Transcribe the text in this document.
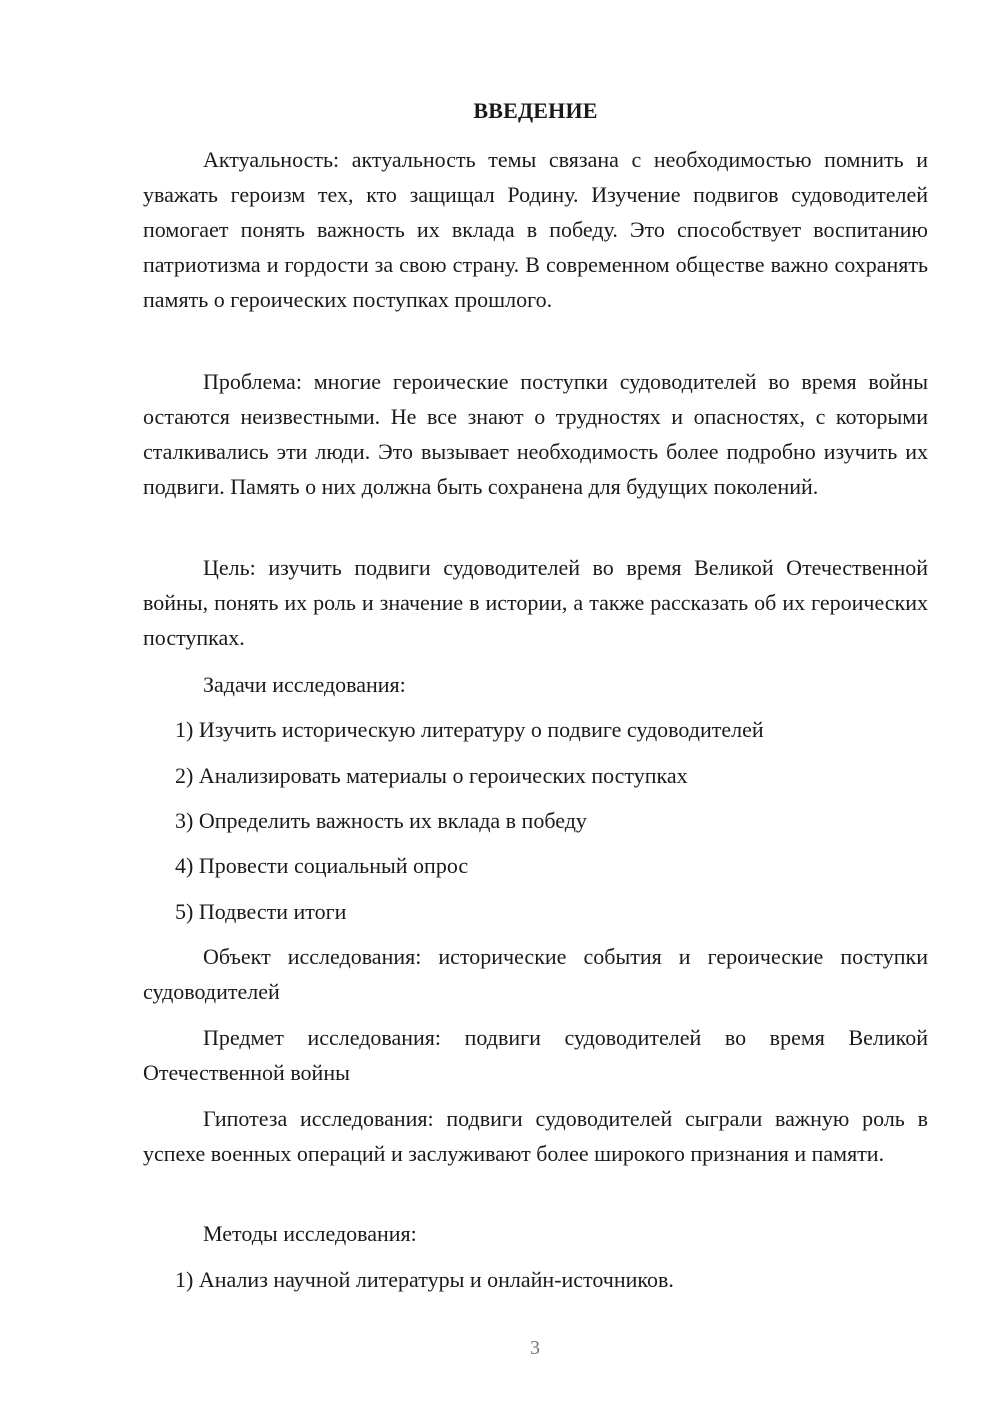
ВВЕДЕНИЕ

Актуальность: актуальность темы связана с необходимостью помнить и уважать героизм тех, кто защищал Родину. Изучение подвигов судоводителей помогает понять важность их вклада в победу. Это способствует воспитанию патриотизма и гордости за свою страну. В современном обществе важно сохранять память о героических поступках прошлого.

Проблема: многие героические поступки судоводителей во время войны остаются неизвестными. Не все знают о трудностях и опасностях, с которыми сталкивались эти люди. Это вызывает необходимость более подробно изучить их подвиги. Память о них должна быть сохранена для будущих поколений.

Цель: изучить подвиги судоводителей во время Великой Отечественной войны, понять их роль и значение в истории, а также рассказать об их героических поступках.

Задачи исследования:

1) Изучить историческую литературу о подвиге судоводителей

2) Анализировать материалы о героических поступках

3) Определить важность их вклада в победу

4) Провести социальный опрос

5) Подвести итоги

Объект исследования: исторические события и героические поступки судоводителей

Предмет исследования: подвиги судоводителей во время Великой Отечественной войны

Гипотеза исследования: подвиги судоводителей сыграли важную роль в успехе военных операций и заслуживают более широкого признания и памяти.

Методы исследования:

1) Анализ научной литературы и онлайн-источников.

3
